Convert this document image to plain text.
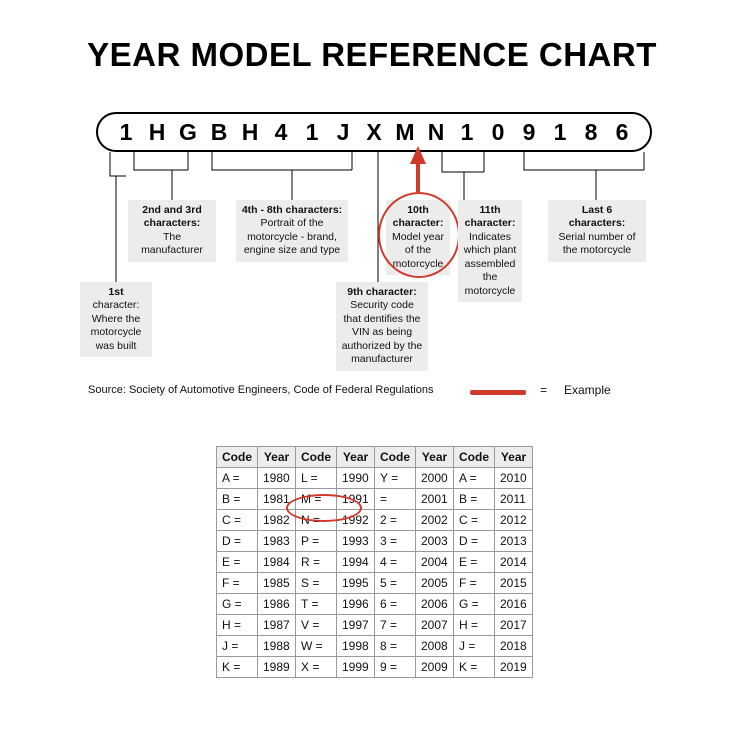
YEAR MODEL REFERENCE CHART
1 H G B H 4 1 J X M N 1 0 9 1 8 6
1st
character: Where the motorcycle was built
2nd and 3rd characters:
The manufacturer
4th - 8th characters:
Portrait of the motorcycle - brand, engine size and type
9th character:
Security code that dentifies the VIN as being authorized by the manufacturer
10th character:
Model year of the motorcycle
11th character:
Indicates which plant assembled the motorcycle
Last 6 characters:
Serial number of the motorcycle
Source: Society of Automotive Engineers, Code of Federal Regulations	= Example
Code	Year	Code	Year	Code	Year	Code	Year
A =	1980	L =	1990	Y =	2000	A =	2010
B =	1981	M =	1991	=	2001	B =	2011
C =	1982	N =	1992	2 =	2002	C =	2012
D =	1983	P =	1993	3 =	2003	D =	2013
E =	1984	R =	1994	4 =	2004	E =	2014
F =	1985	S =	1995	5 =	2005	F =	2015
G =	1986	T =	1996	6 =	2006	G =	2016
H =	1987	V =	1997	7 =	2007	H =	2017
J =	1988	W =	1998	8 =	2008	J =	2018
K =	1989	X =	1999	9 =	2009	K =	2019
